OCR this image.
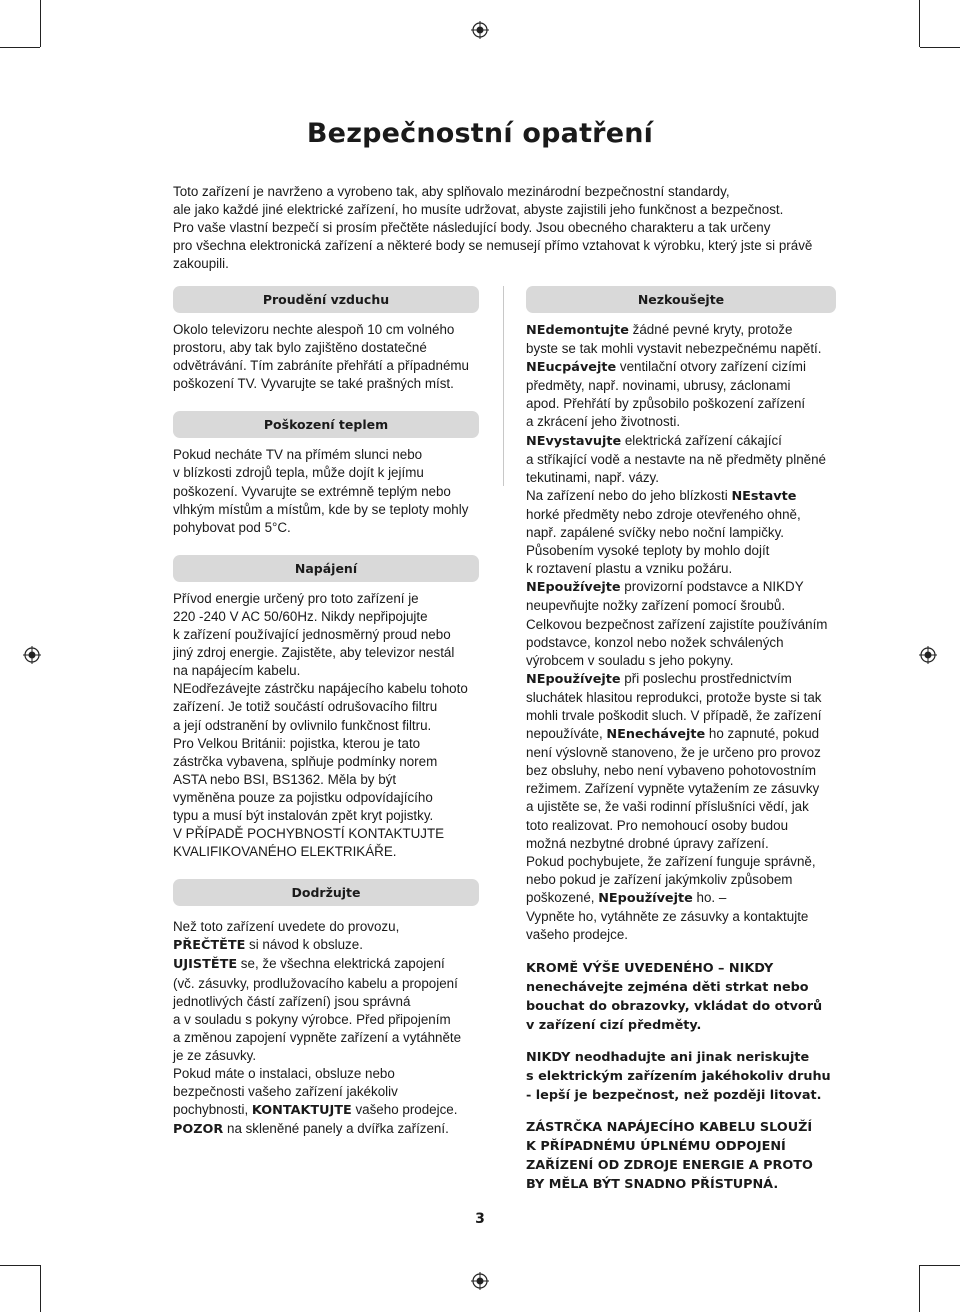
Bezpečnostní opatření
Toto zařízení je navrženo a vyrobeno tak, aby splňovalo mezinárodní bezpečnostní standardy,
ale jako každé jiné elektrické zařízení, ho musíte udržovat, abyste zajistili jeho funkčnost a bezpečnost.
Pro vaše vlastní bezpečí si prosím přečtěte následující body. Jsou obecného charakteru a tak určeny
pro všechna elektronická zařízení a některé body se nemusejí přímo vztahovat k výrobku, který jste si právě
zakoupili.
Proudění vzduchu
Okolo televizoru nechte alespoň 10 cm volného
prostoru, aby tak bylo zajištěno dostatečné
odvětrávání. Tím zabráníte přehřátí a případnému
poškození TV. Vyvarujte se také prašných míst.
Poškození teplem
Pokud necháte TV na přímém slunci nebo
v blízkosti zdrojů tepla, může dojít k jejímu
poškození. Vyvarujte se extrémně teplým nebo
vlhkým místům a místům, kde by se teploty mohly
pohybovat pod 5°C.
Napájení
Přívod energie určený pro toto zařízení je
220 -240 V AC 50/60Hz. Nikdy nepřipojujte
k zařízení používající jednosměrný proud nebo
jiný zdroj energie. Zajistěte, aby televizor nestál
na napájecím kabelu.
NEodřezávejte zástrčku napájecího kabelu tohoto
zařízení. Je totiž součástí odrušovacího filtru
a její odstranění by ovlivnilo funkčnost filtru.
Pro Velkou Británii: pojistka, kterou je tato
zástrčka vybavena, splňuje podmínky norem
ASTA nebo BSI, BS1362. Měla by být
vyměněna pouze za pojistku odpovídajícího
typu a musí být instalován zpět kryt pojistky.
V PŘÍPADĚ POCHYBNOSTÍ KONTAKTUJTE
KVALIFIKOVANÉHO ELEKTRIKÁŘE.
Dodržujte
Než toto zařízení uvedete do provozu,
PŘEČTĚTE si návod k obsluze.
UJISTĚTE se, že všechna elektrická zapojení
(vč. zásuvky, prodlužovacího kabelu a propojení
jednotlivých částí zařízení) jsou správná
a v souladu s pokyny výrobce. Před připojením
a změnou zapojení vypněte zařízení a vytáhněte
je ze zásuvky.
Pokud máte o instalaci, obsluze nebo
bezpečnosti vašeho zařízení jakékoliv
pochybnosti, KONTAKTUJTE vašeho prodejce.
POZOR na skleněné panely a dvířka zařízení.
Nezkoušejte
NEdemontujte žádné pevné kryty, protože
byste se tak mohli vystavit nebezpečnému napětí.
NEucpávejte ventilační otvory zařízení cizími
předměty, např. novinami, ubrusy, záclonami
apod. Přehřátí by způsobilo poškození zařízení
a zkrácení jeho životnosti.
NEvystavujte elektrická zařízení cákající
a stříkající vodě a nestavte na ně předměty plněné
tekutinami, např. vázy.
Na zařízení nebo do jeho blízkosti NEstavte
horké předměty nebo zdroje otevřeného ohně,
např. zapálené svíčky nebo noční lampičky.
Působením vysoké teploty by mohlo dojít
k roztavení plastu a vzniku požáru.
NEpoužívejte provizorní podstavce a NIKDY
neupevňujte nožky zařízení pomocí šroubů.
Celkovou bezpečnost zařízení zajistíte používáním
podstavce, konzol nebo nožek schválených
výrobcem v souladu s jeho pokyny.
NEpoužívejte při poslechu prostřednictvím
sluchátek hlasitou reprodukci, protože byste si tak
mohli trvale poškodit sluch. V případě, že zařízení
nepoužíváte, NEnechávejte ho zapnuté, pokud
není výslovně stanoveno, že je určeno pro provoz
bez obsluhy, nebo není vybaveno pohotovostním
režimem. Zařízení vypněte vytažením ze zásuvky
a ujistěte se, že vaši rodinní příslušníci vědí, jak
toto realizovat. Pro nemohoucí osoby budou
možná nezbytné drobné úpravy zařízení.
Pokud pochybujete, že zařízení funguje správně,
nebo pokud je zařízení jakýmkoliv způsobem
poškozené, NEpoužívejte ho. –
Vypněte ho, vytáhněte ze zásuvky a kontaktujte
vašeho prodejce.
KROMĚ VÝŠE UVEDENÉHO – NIKDY
nenechávejte zejména děti strkat nebo
bouchat do obrazovky, vkládat do otvorů
v zařízení cizí předměty.
NIKDY neodhadujte ani jinak neriskujte
s elektrickým zařízením jakéhokoliv druhu
- lepší je bezpečnost, než později litovat.
ZÁSTRČKA NAPÁJECÍHO KABELU SLOUŽÍ
K PŘÍPADNÉMU ÚPLNÉMU ODPOJENÍ
ZAŘÍZENÍ OD ZDROJE ENERGIE A PROTO
BY MĚLA BÝT SNADNO PŘÍSTUPNÁ.
3
